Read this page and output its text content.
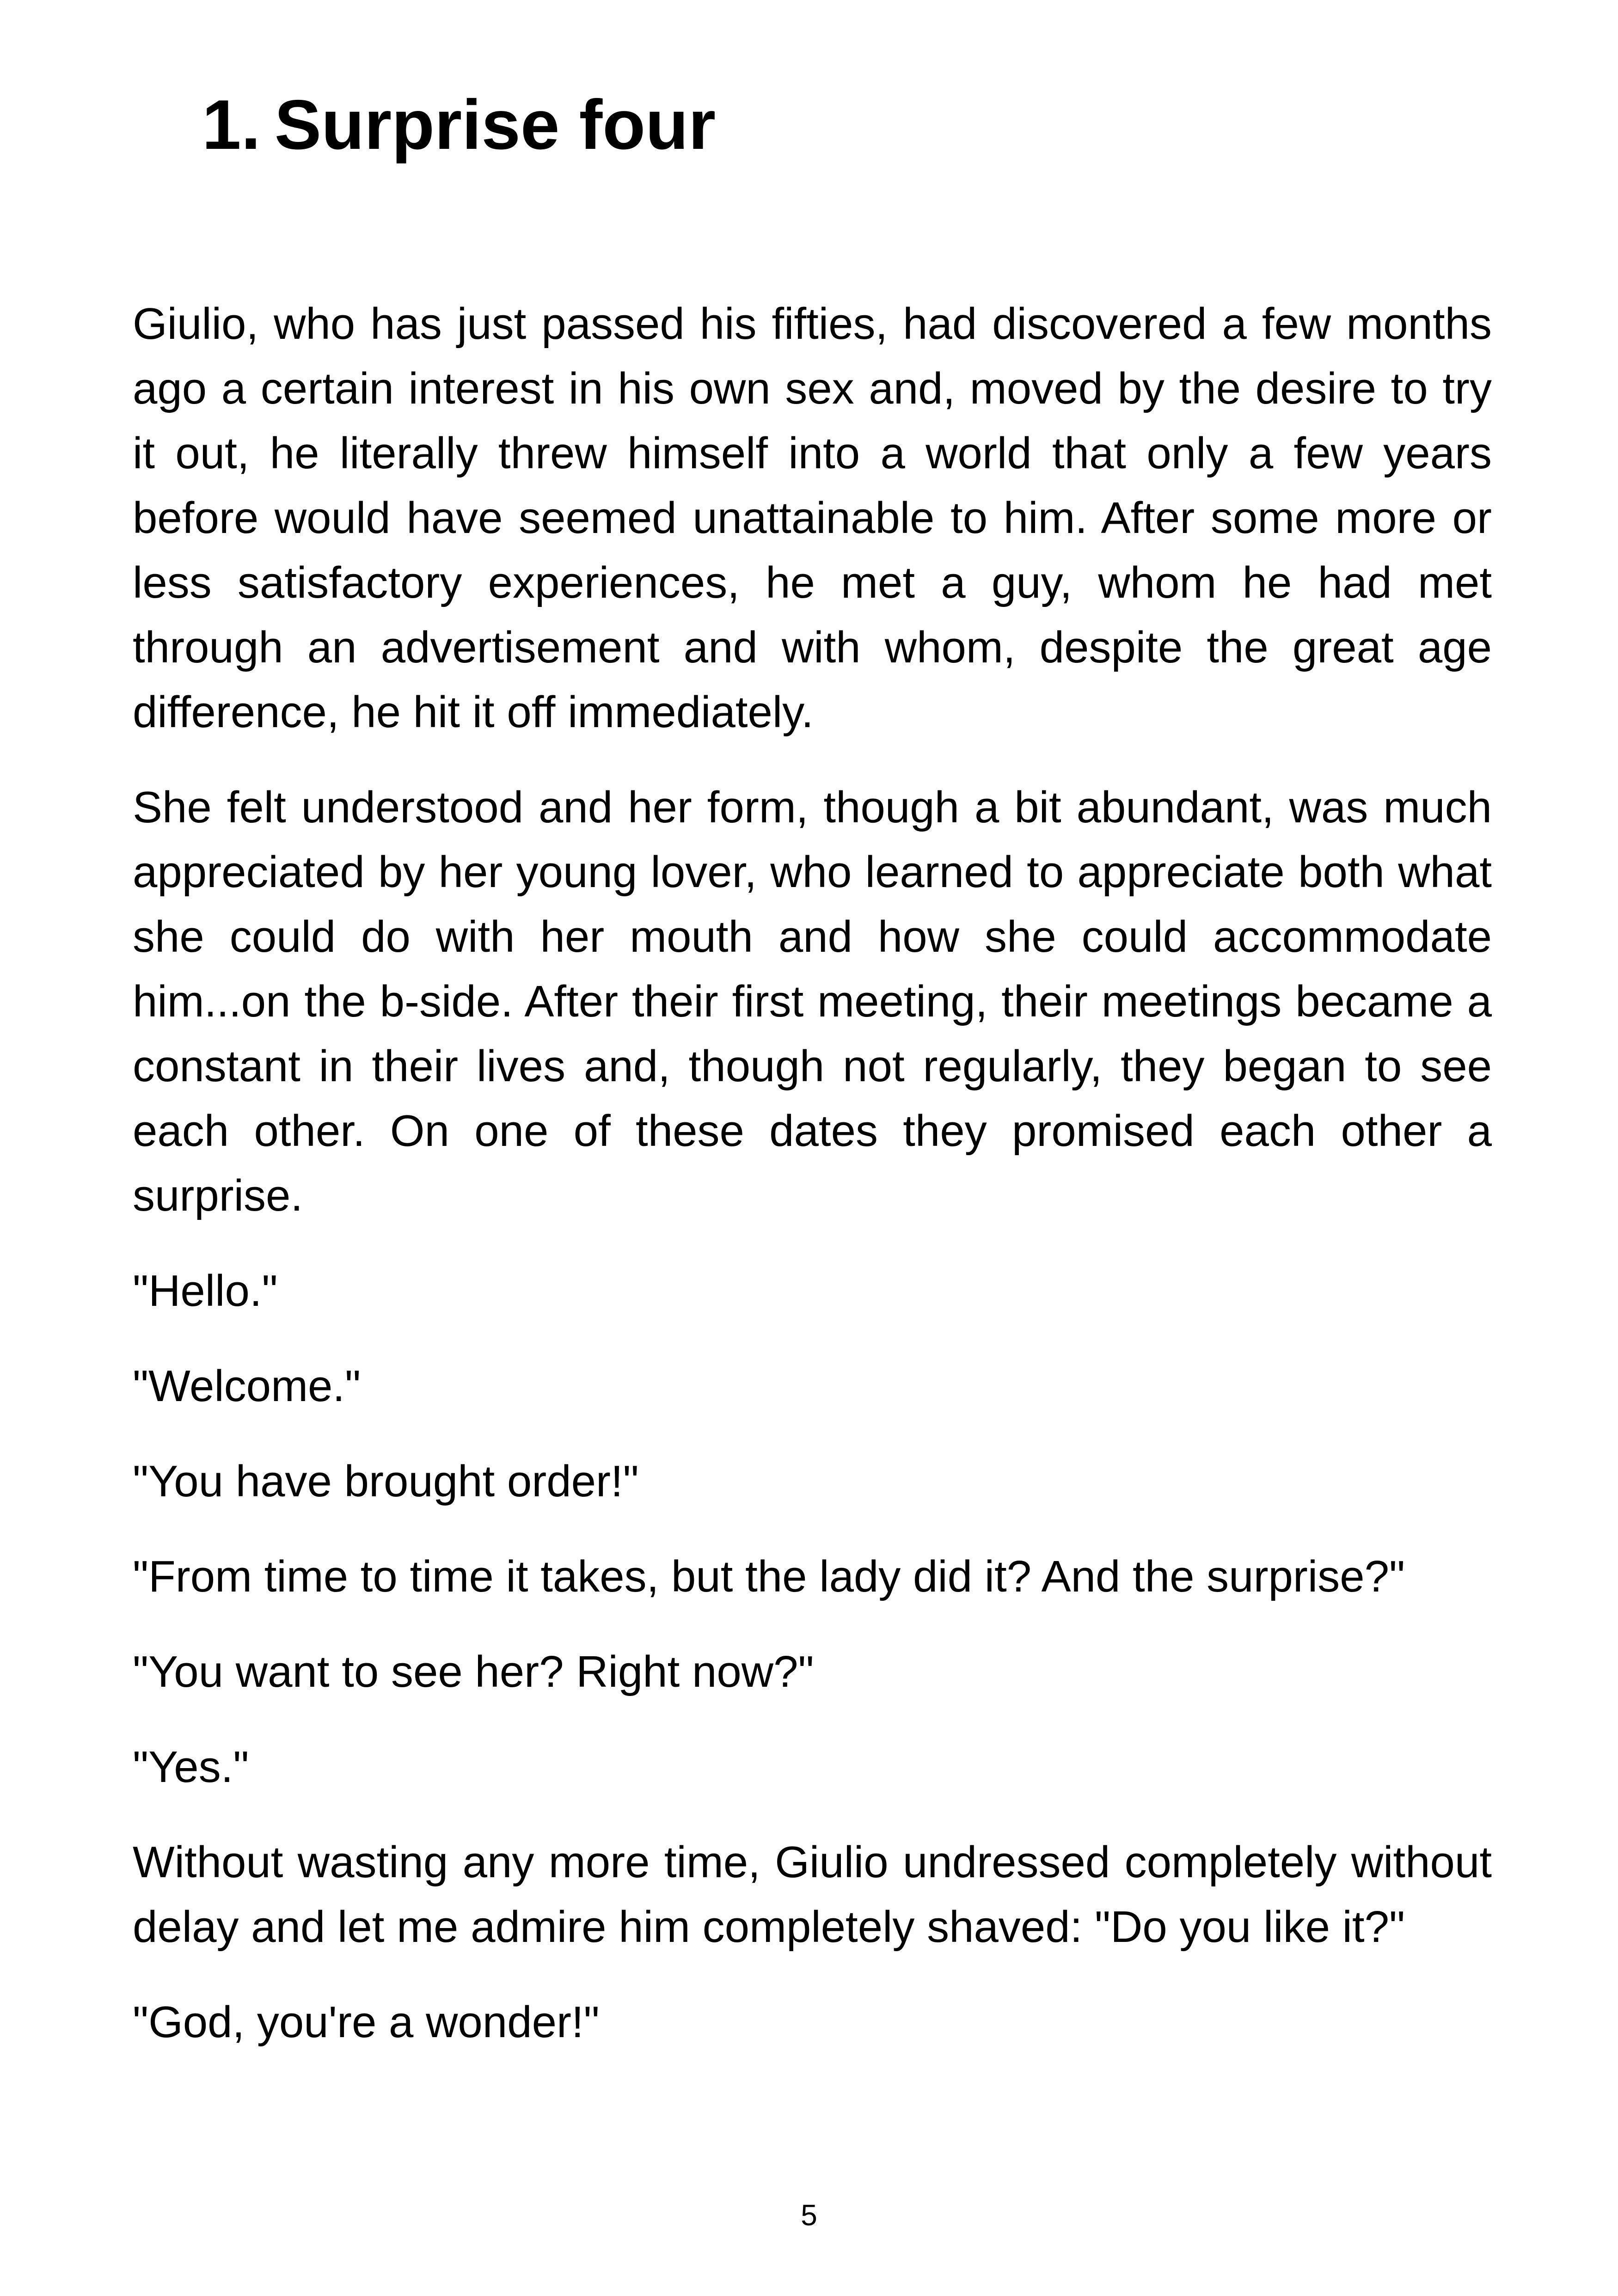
1. Surprise four

Giulio, who has just passed his fifties, had discovered a few months ago a certain interest in his own sex and, moved by the desire to try it out, he literally threw himself into a world that only a few years before would have seemed unattainable to him. After some more or less satisfactory experiences, he met a guy, whom he had met through an advertisement and with whom, despite the great age difference, he hit it off immediately.

She felt understood and her form, though a bit abundant, was much appreciated by her young lover, who learned to appreciate both what she could do with her mouth and how she could accommodate him...on the b-side. After their first meeting, their meetings became a constant in their lives and, though not regularly, they began to see each other. On one of these dates they promised each other a surprise.

"Hello."

"Welcome."

"You have brought order!"

"From time to time it takes, but the lady did it? And the surprise?"

"You want to see her? Right now?"

"Yes."

Without wasting any more time, Giulio undressed completely without delay and let me admire him completely shaved: "Do you like it?"

"God, you're a wonder!"

5
